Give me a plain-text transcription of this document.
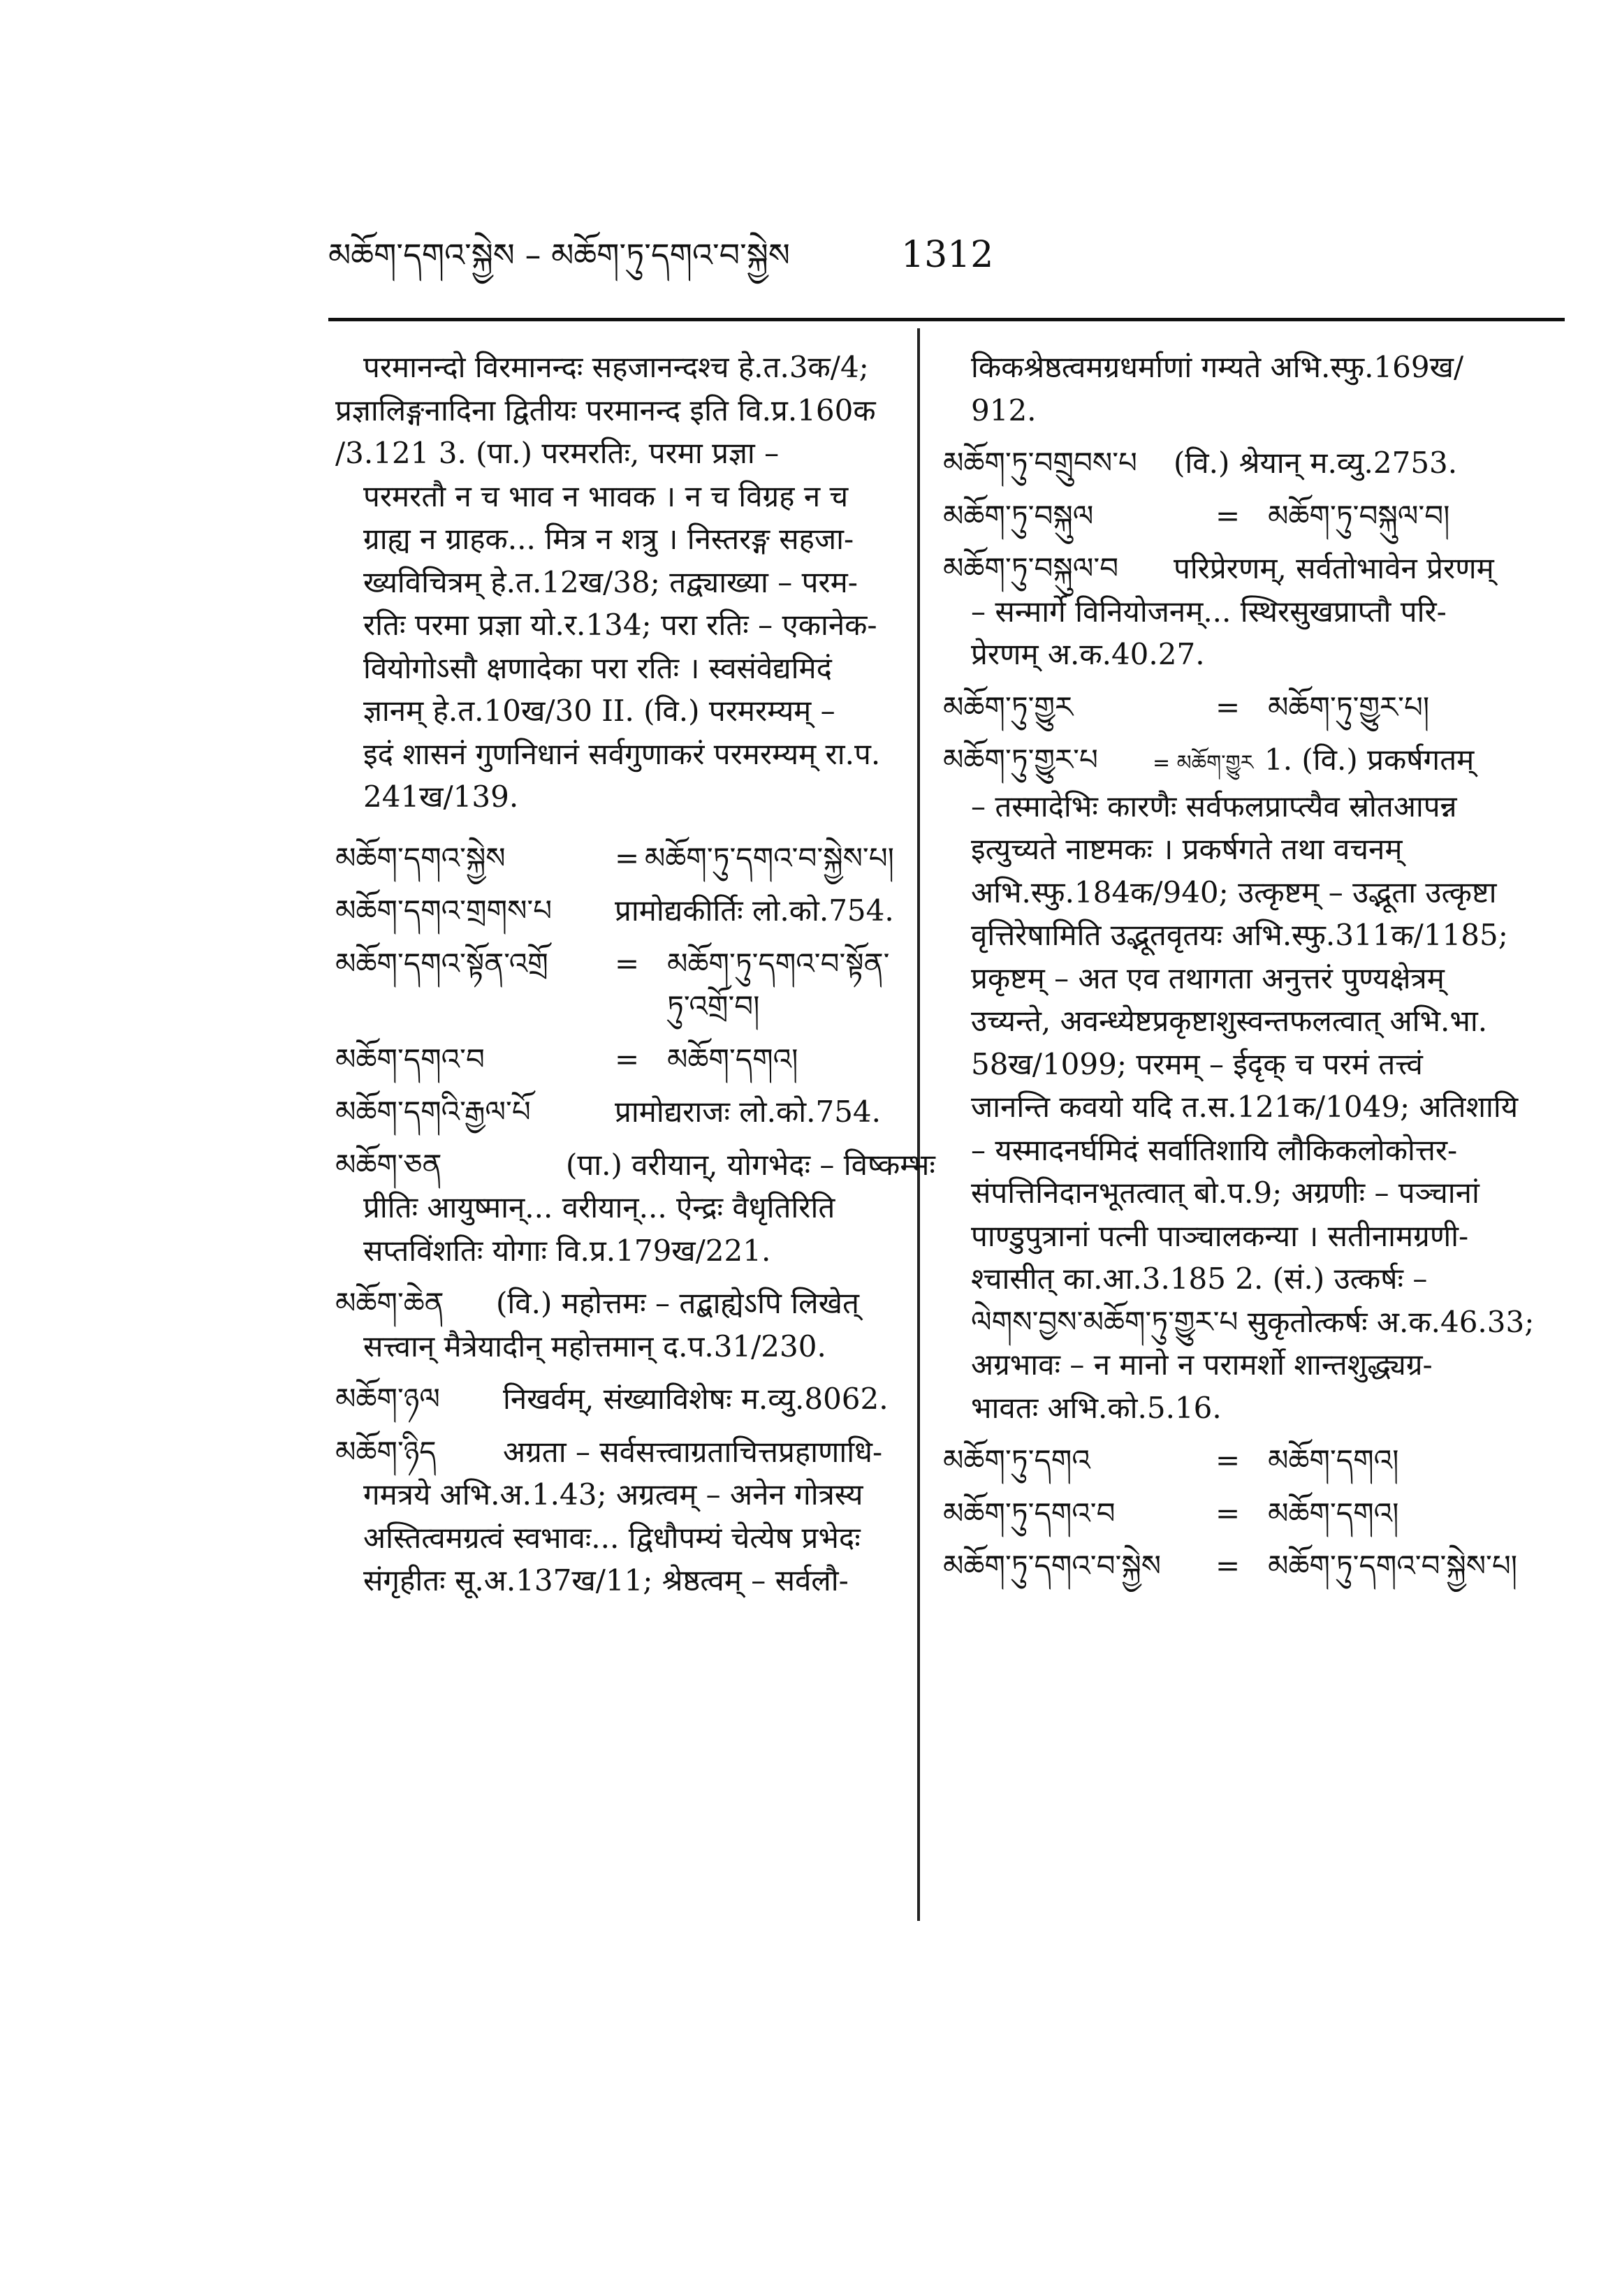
མཆོག་དགའ་སྐྱེས – མཆོག་ཏུ་དགའ་བ་སྐྱེས	1312
परमानन्दो विरमानन्दः सहजानन्दश्च हे.त.3क/4;
प्रज्ञालिङ्गनादिना द्वितीयः परमानन्द इति वि.प्र.160क
/3.121 3. (पा.) परमरतिः, परमा प्रज्ञा –
परमरतौ न च भाव न भावक । न च विग्रह न च
ग्राह्य न ग्राहक... मित्र न शत्रु । निस्तरङ्ग सहजा-
ख्यविचित्रम् हे.त.12ख/38; तद्व्याख्या – परम-
रतिः परमा प्रज्ञा यो.र.134; परा रतिः – एकानेक-
वियोगोऽसौ क्षणादेका परा रतिः । स्वसंवेद्यमिदं
ज्ञानम् हे.त.10ख/30 II. (वि.) परमरम्यम् –
इदं शासनं गुणनिधानं सर्वगुणाकरं परमरम्यम् रा.प.
241ख/139.
མཆོག་དགའ་སྐྱེས	= མཆོག་ཏུ་དགའ་བ་སྐྱེས་པ།
མཆོག་དགའ་གྲགས་པ	प्रामोद्यकीर्तिः लो.को.754.
མཆོག་དགའ་སྟོན་འགྲོ	= མཆོག་ཏུ་དགའ་བ་སྟོན་
ཏུ་འགྲོ་བ།
མཆོག་དགའ་བ	= མཆོག་དགའ།
མཆོག་དགའི་རྒྱལ་པོ	प्रामोद्यराजः लो.को.754.
མཆོག་ཅན	(पा.) वरीयान्, योगभेदः – विष्कम्भः
प्रीतिः आयुष्मान्... वरीयान्... ऐन्द्रः वैधृतिरिति
सप्तविंशतिः योगाः वि.प्र.179ख/221.
མཆོག་ཆེན (वि.) महोत्तमः – तद्बाह्येऽपि लिखेत्
सत्त्वान् मैत्रेयादीन् महोत्तमान् द.प.31/230.
མཆོག་ཉལ निखर्वम्, संख्याविशेषः म.व्यु.8062.
མཆོག་ཉིད अग्रता – सर्वसत्त्वाग्रताचित्तप्रहाणाधि-
गमत्रये अभि.अ.1.43; अग्रत्वम् – अनेन गोत्रस्य
अस्तित्वमग्रत्वं स्वभावः... द्विधौपम्यं चेत्येष प्रभेदः
संगृहीतः सू.अ.137ख/11; श्रेष्ठत्वम् – सर्वलौ-
किकश्रेष्ठत्वमग्रधर्माणां गम्यते अभि.स्फु.169ख/
912.
མཆོག་ཏུ་བགྲུབས་པ	(वि.) श्रेयान् म.व्यु.2753.
མཆོག་ཏུ་བསྐུལ	= མཆོག་ཏུ་བསྐུལ་བ།
མཆོག་ཏུ་བསྐུལ་བ परिप्रेरणम्, सर्वतोभावेन प्रेरणम्
– सन्मार्गे विनियोजनम्... स्थिरसुखप्राप्तौ परि-
प्रेरणम् अ.क.40.27.
མཆོག་ཏུ་གྱུར	= མཆོག་ཏུ་གྱུར་པ།
མཆོག་ཏུ་གྱུར་པ	= མཆོག་གྱུར 1. (वि.) प्रकर्षगतम्
– तस्मादेभिः कारणैः सर्वफलप्राप्त्यैव स्रोतआपन्न
इत्युच्यते नाष्टमकः । प्रकर्षगते तथा वचनम्
अभि.स्फु.184क/940; उत्कृष्टम् – उद्भूता उत्कृष्टा
वृत्तिरेषामिति उद्भूतवृतयः अभि.स्फु.311क/1185;
प्रकृष्टम् – अत एव तथागता अनुत्तरं पुण्यक्षेत्रम्
उच्यन्ते, अवन्ध्येष्टप्रकृष्टाशुस्वन्तफलत्वात् अभि.भा.
58ख/1099; परमम् – ईदृक् च परमं तत्त्वं
जानन्ति कवयो यदि त.स.121क/1049; अतिशायि
– यस्मादनर्घमिदं सर्वातिशायि लौकिकलोकोत्तर-
संपत्तिनिदानभूतत्वात् बो.प.9; अग्रणीः – पञ्चानां
पाण्डुपुत्रानां पत्नी पाञ्चालकन्या । सतीनामग्रणी-
श्चासीत् का.आ.3.185 2. (सं.) उत्कर्षः –
ལེགས་བྱས་མཆོག་ཏུ་གྱུར་པ सुकृतोत्कर्षः अ.क.46.33;
अग्रभावः – न मानो न परामर्शो शान्तशुद्ध्यग्र-
भावतः अभि.को.5.16.
མཆོག་ཏུ་དགའ	= མཆོག་དགའ།
མཆོག་ཏུ་དགའ་བ	= མཆོག་དགའ།
མཆོག་ཏུ་དགའ་བ་སྐྱེས	= མཆོག་ཏུ་དགའ་བ་སྐྱེས་པ།
